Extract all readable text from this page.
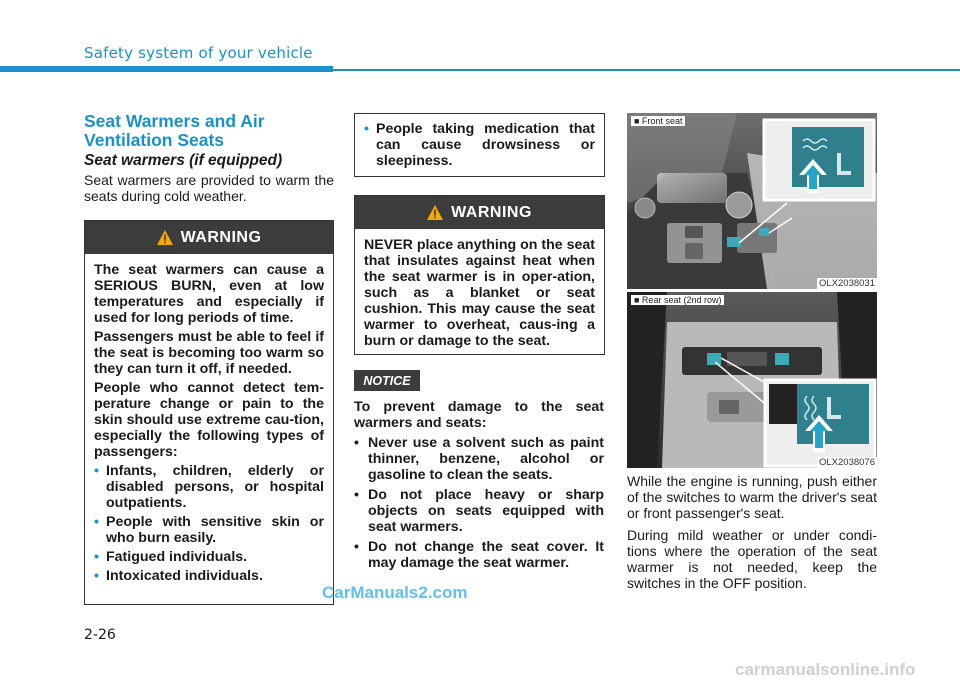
Safety system of your vehicle
Seat Warmers and Air Ventilation Seats
Seat warmers (if equipped)
Seat warmers are provided to warm the seats during cold weather.
WARNING

The seat warmers can cause a SERIOUS BURN, even at low temperatures and especially if used for long periods of time.

Passengers must be able to feel if the seat is becoming too warm so they can turn it off, if needed.

People who cannot detect tem-perature change or pain to the skin should use extreme cau-tion, especially the following types of passengers:

• Infants, children, elderly or disabled persons, or hospital outpatients.
• People with sensitive skin or who burn easily.
• Fatigued individuals.
• Intoxicated individuals.
• People taking medication that can cause drowsiness or sleepiness.
WARNING

NEVER place anything on the seat that insulates against heat when the seat warmer is in oper-ation, such as a blanket or seat cushion. This may cause the seat warmer to overheat, caus-ing a burn or damage to the seat.

NOTICE
To prevent damage to the seat warmers and seats:
• Never use a solvent such as paint thinner, benzene, alcohol or gasoline to clean the seats.
• Do not place heavy or sharp objects on seats equipped with seat warmers.
• Do not change the seat cover. It may damage the seat warmer.
■ Front seat
OLX2038031
■ Rear seat (2nd row)
OLX2038076

While the engine is running, push either of the switches to warm the driver's seat or front passenger's seat.

During mild weather or under condi-tions where the operation of the seat warmer is not needed, keep the switches in the OFF position.

2-26
CarManuals2.com
carmanualsonline.info
